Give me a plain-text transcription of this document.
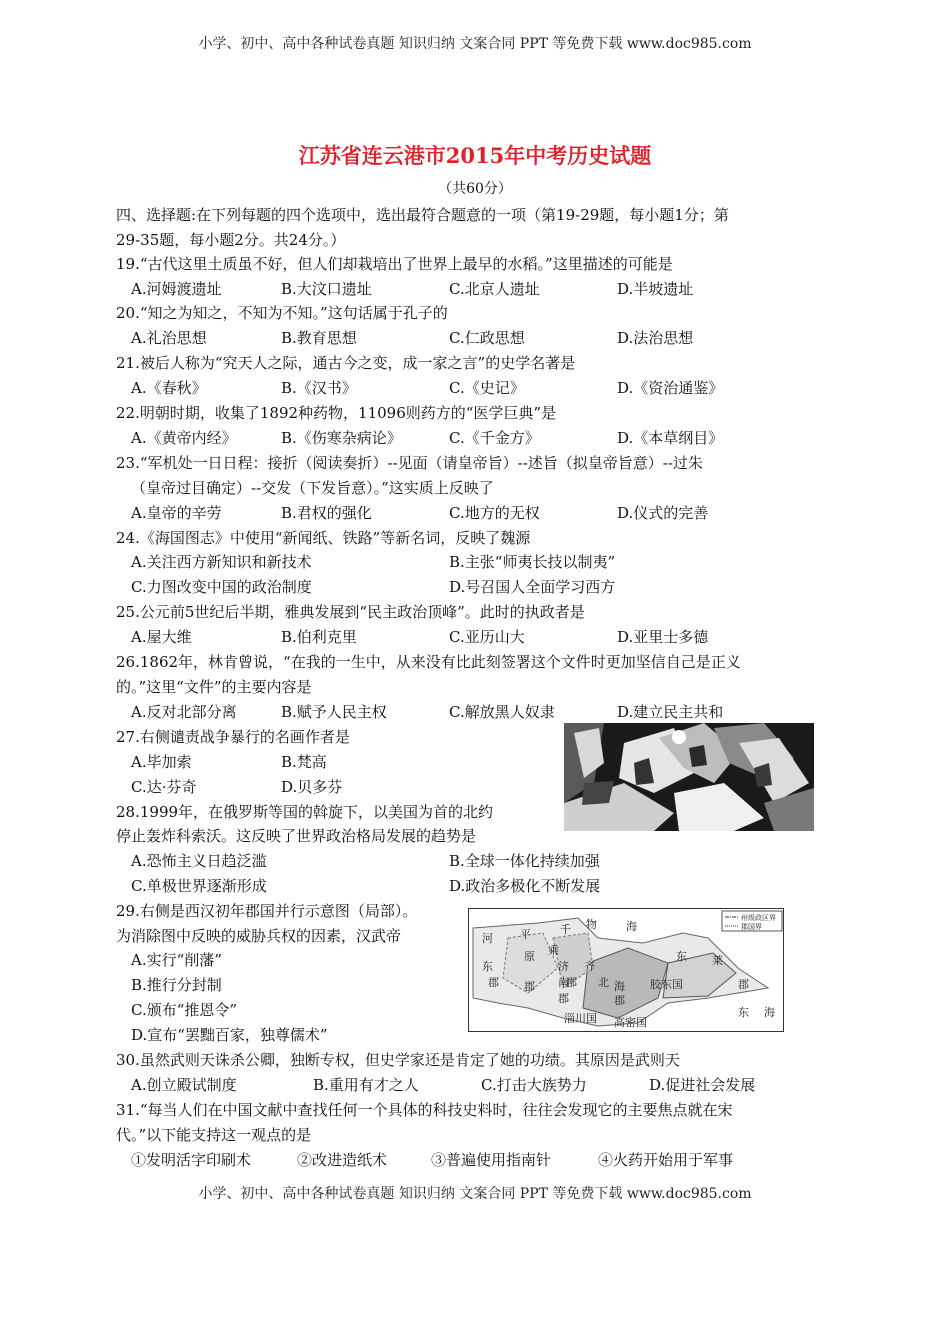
小学、初中、高中各种试卷真题 知识归纳 文案合同 PPT 等免费下载 www.doc985.com
江苏省连云港市2015年中考历史试题
（共60分）
四、选择题:在下列每题的四个选项中，选出最符合题意的一项（第19-29题，每小题1分；第
29-35题，每小题2分。共24分。）
19.“古代这里土质虽不好，但人们却栽培出了世界上最早的水稻。”这里描述的可能是
A.河姆渡遗址	B.大汶口遗址	C.北京人遗址	D.半坡遗址
20.“知之为知之，不知为不知。”这句话属于孔子的
A.礼治思想	B.教育思想	C.仁政思想	D.法治思想
21.被后人称为“究天人之际，通古今之变，成一家之言”的史学名著是
A.《春秋》	B.《汉书》	C.《史记》	D.《资治通鉴》
22.明朝时期，收集了1892种药物，11096则药方的“医学巨典”是
A.《黄帝内经》	B.《伤寒杂病论》	C.《千金方》	D.《本草纲目》
23.“军机处一日日程：接折（阅读奏折）--见面（请皇帝旨）--述旨（拟皇帝旨意）--过朱
（皇帝过目确定）--交发（下发旨意）。”这实质上反映了
A.皇帝的辛劳	B.君权的强化	C.地方的无权	D.仪式的完善
24.《海国图志》中使用“新闻纸、铁路”等新名词，反映了魏源
A.关注西方新知识和新技术	B.主张“师夷长技以制夷”
C.力图改变中国的政治制度	D.号召国人全面学习西方
25.公元前5世纪后半期，雅典发展到“民主政治顶峰”。此时的执政者是
A.屋大维	B.伯利克里	C.亚历山大	D.亚里士多德
26.1862年，林肯曾说，“在我的一生中，从来没有比此刻签署这个文件时更加坚信自己是正义
的。”这里“文件”的主要内容是
A.反对北部分离	B.赋予人民主权	C.解放黑人奴隶	D.建立民主共和
27.右侧谴责战争暴行的名画作者是
A.毕加索	B.梵高
C.达·芬奇	D.贝多芬
28.1999年，在俄罗斯等国的斡旋下，以美国为首的北约
停止轰炸科索沃。这反映了世界政治格局发展的趋势是
A.恐怖主义日趋泛滥	B.全球一体化持续加强
C.单极世界逐渐形成	D.政治多极化不断发展
29.右侧是西汉初年郡国并行示意图（局部）。
为消除图中反映的威胁兵权的因素，汉武帝
A.实行“削藩”
B.推行分封制
C.颁布“推恩令”
D.宣布“罢黜百家，独尊儒术”
州级政区界
郡国界
河 平	千 物	海
东 莱
东
原 乘
济
郡	郡
南
齐
北
郡
郡
郡	胶东国
海
郡
东 海
淄川国 高密国
30.虽然武则天诛杀公卿，独断专权，但史学家还是肯定了她的功绩。其原因是武则天
A.创立殿试制度	B.重用有才之人	C.打击大族势力	D.促进社会发展
31.“每当人们在中国文献中查找任何一个具体的科技史料时，往往会发现它的主要焦点就在宋
代。”以下能支持这一观点的是
①发明活字印刷术	②改进造纸术	③普遍使用指南针	④火药开始用于军事
小学、初中、高中各种试卷真题 知识归纳 文案合同 PPT 等免费下载 www.doc985.com
